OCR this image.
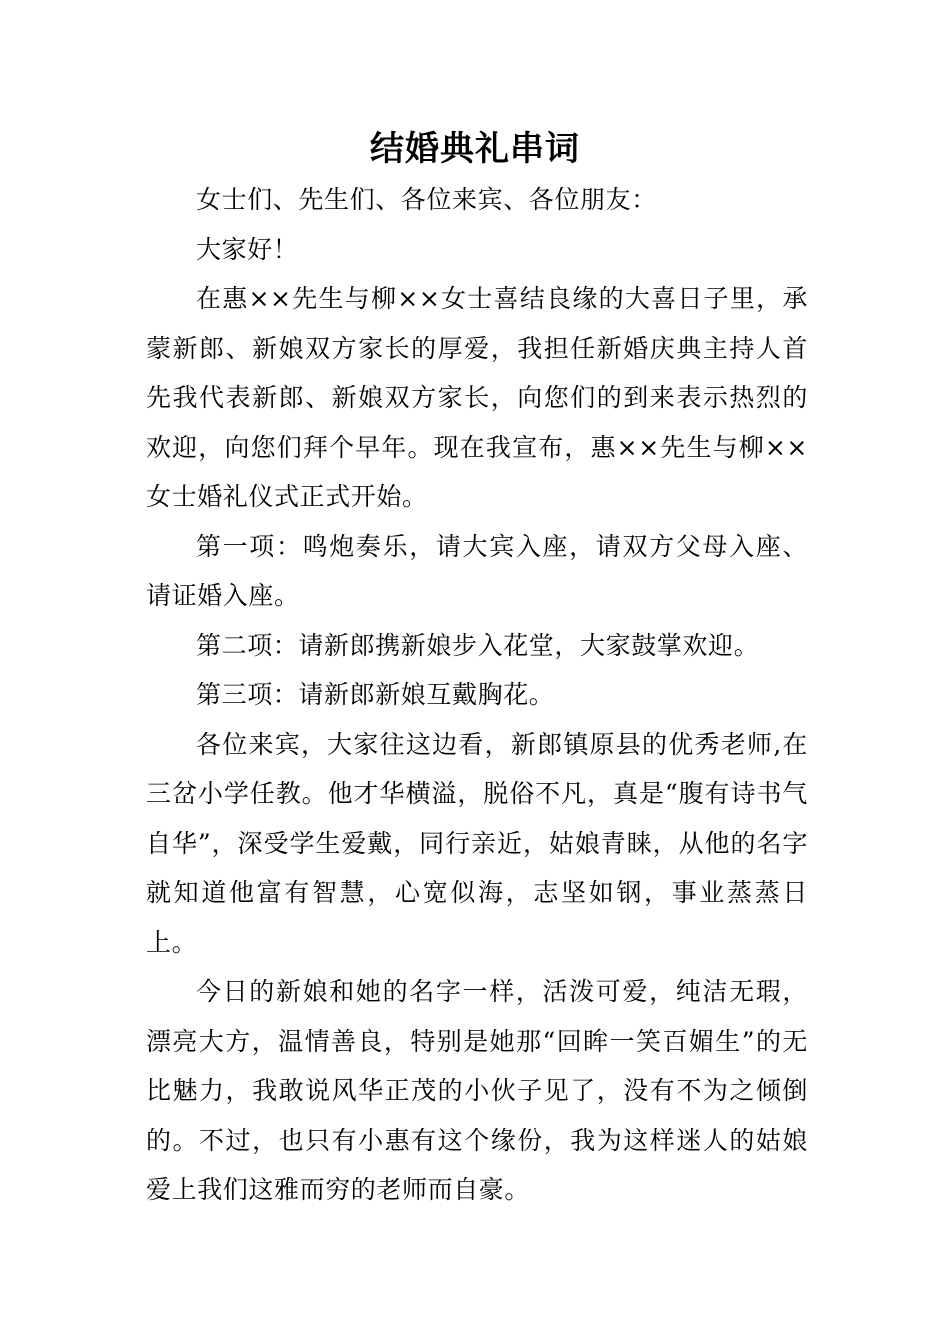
结婚典礼串词

女士们、先生们、各位来宾、各位朋友：

大家好！

在惠××先生与柳××女士喜结良缘的大喜日子里，承蒙新郎、新娘双方家长的厚爱，我担任新婚庆典主持人首先我代表新郎、新娘双方家长，向您们的到来表示热烈的欢迎，向您们拜个早年。现在我宣布，惠××先生与柳××女士婚礼仪式正式开始。

第一项：鸣炮奏乐，请大宾入座，请双方父母入座、请证婚入座。

第二项：请新郎携新娘步入花堂，大家鼓掌欢迎。

第三项：请新郎新娘互戴胸花。

各位来宾，大家往这边看，新郎镇原县的优秀老师,在三岔小学任教。他才华横溢，脱俗不凡，真是“腹有诗书气自华”，深受学生爱戴，同行亲近，姑娘青睐，从他的名字就知道他富有智慧，心宽似海，志坚如钢，事业蒸蒸日上。

今日的新娘和她的名字一样，活泼可爱，纯洁无瑕，漂亮大方，温情善良，特别是她那“回眸一笑百媚生”的无比魅力，我敢说风华正茂的小伙子见了，没有不为之倾倒的。不过，也只有小惠有这个缘份，我为这样迷人的姑娘爱上我们这雅而穷的老师而自豪。
